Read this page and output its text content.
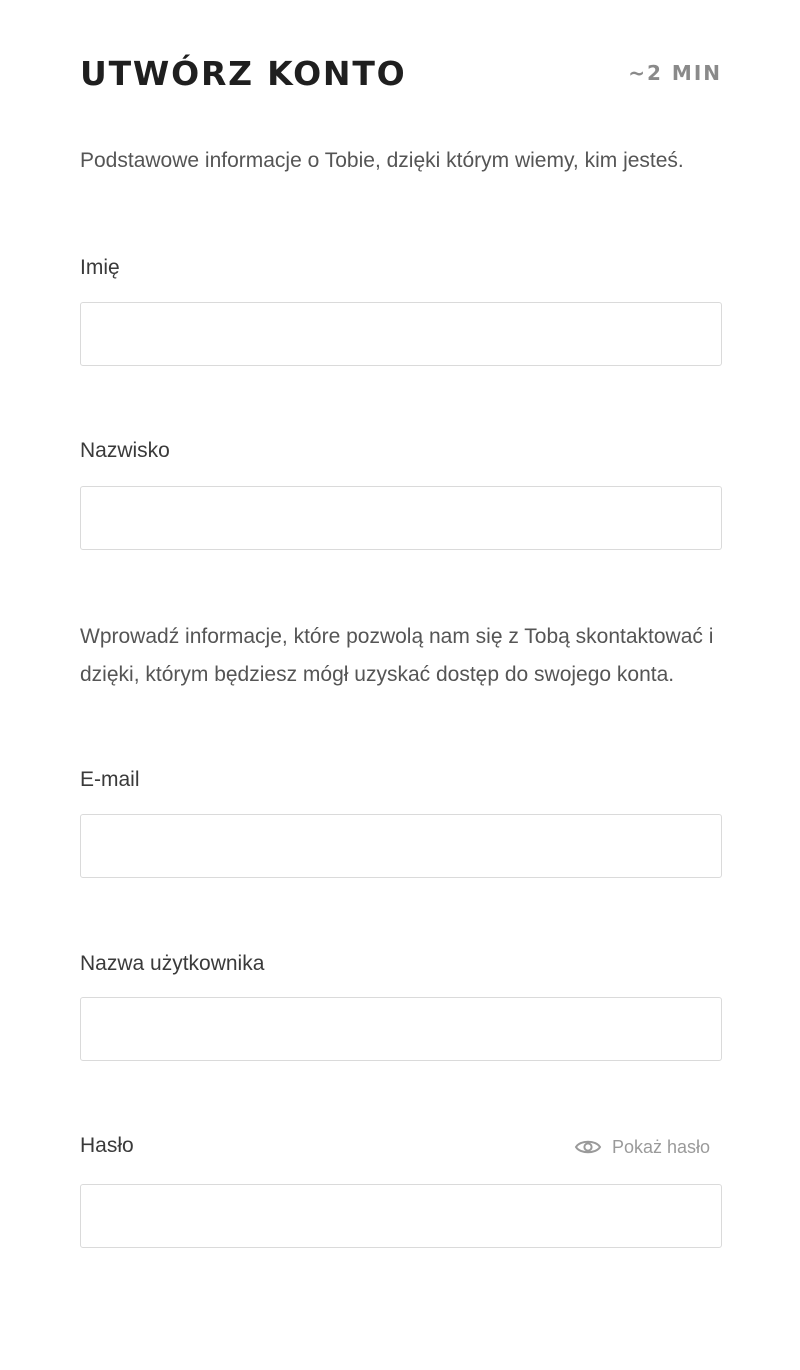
UTWÓRZ KONTO	~2 MIN

Podstawowe informacje o Tobie, dzięki którym wiemy, kim jesteś.

Imię
Nazwisko

Wprowadź informacje, które pozwolą nam się z Tobą skontaktować i dzięki, którym będziesz mógł uzyskać dostęp do swojego konta.

E-mail
Nazwa użytkownika
Hasło	Pokaż hasło
